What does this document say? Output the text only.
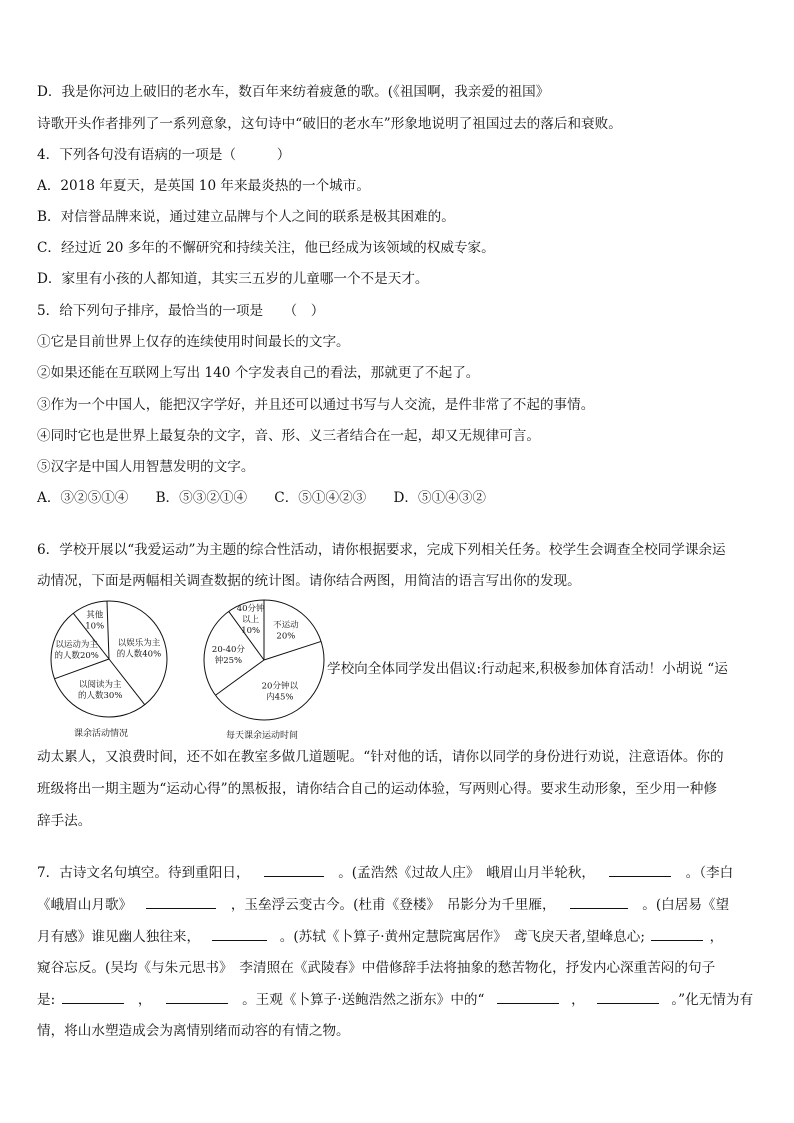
D．我是你河边上破旧的老水车，数百年来纺着疲惫的歌。(《祖国啊，我亲爱的祖国》
诗歌开头作者排列了一系列意象，这句诗中“破旧的老水车”形象地说明了祖国过去的落后和衰败。
4．下列各句没有语病的一项是（　　　）
A．2018 年夏天，是英国 10 年来最炎热的一个城市。
B．对信誉品牌来说，通过建立品牌与个人之间的联系是极其困难的。
C．经过近 20 多年的不懈研究和持续关注，他已经成为该领域的权威专家。
D．家里有小孩的人都知道，其实三五岁的儿童哪一个不是天才。
5．给下列句子排序，最恰当的一项是　　（　）
①它是目前世界上仅存的连续使用时间最长的文字。
②如果还能在互联网上写出 140 个字发表自己的看法，那就更了不起了。
③作为一个中国人，能把汉字学好，并且还可以通过书写与人交流，是件非常了不起的事情。
④同时它也是世界上最复杂的文字，音、形、义三者结合在一起，却又无规律可言。
⑤汉字是中国人用智慧发明的文字。
A．③②⑤①④　　B．⑤③②①④　　C．⑤①④②③　　D．⑤①④③②
6．学校开展以“我爱运动”为主题的综合性活动，请你根据要求，完成下列相关任务。校学生会调查全校同学课余运
动情况，下面是两幅相关调查数据的统计图。请你结合两图，用简洁的语言写出你的发现。
其他
10%
以娱乐为主
的人数40%
以阅读为主
的人数30%
以运动为主
的人数20%
课余活动情况
不运动
20%
20分钟以
内45%
20-40分
钟25%
40分钟
以上
10%
每天课余运动时间
学校向全体同学发出倡议:行动起来,积极参加体育活动！小胡说 “运
动太累人，又浪费时间，还不如在教室多做几道题呢。“针对他的话，请你以同学的身份进行劝说，注意语体。你的
班级将出一期主题为“运动心得”的黑板报，请你结合自己的运动体验，写两则心得。要求生动形象，至少用一种修
辞手法。
7．古诗文名句填空。待到重阳日，	。(孟浩然《过故人庄》　峨眉山月半轮秋，	。（李白
《峨眉山月歌》	，玉垒浮云变古今。(杜甫《登楼》　吊影分为千里雁，	。(白居易《望
月有感》谁见幽人独往来，	。(苏轼《卜算子·黄州定慧院寓居作》　鸢飞戾天者,望峰息心;	，
窥谷忘反。(吴均《与朱元思书》　李清照在《武陵春》中借修辞手法将抽象的愁苦物化，抒发内心深重苦闷的句子
是:	，	。王观《卜算子·送鲍浩然之浙东》中的“	，	。”化无情为有
情，将山水塑造成会为离情别绪而动容的有情之物。
